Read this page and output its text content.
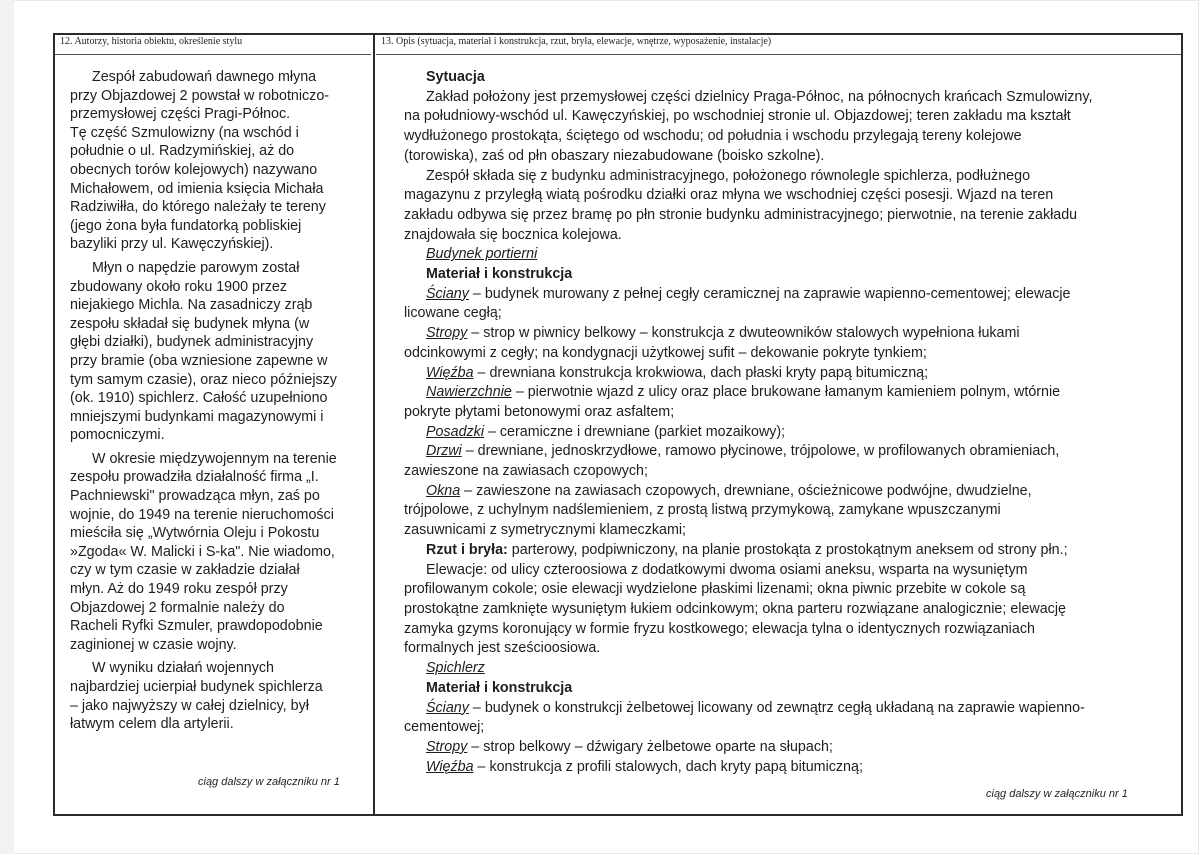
12. Autorzy, historia obiektu, określenie stylu	13. Opis (sytuacja, materiał i konstrukcja, rzut, bryła, elewacje, wnętrze, wyposażenie, instalacje)

Zespół zabudowań dawnego młyna
przy Objazdowej 2 powstał w robotniczo-
przemysłowej części Pragi-Północ.
Tę część Szmulowizny (na wschód i
południe o ul. Radzymińskiej, aż do
obecnych torów kolejowych) nazywano
Michałowem, od imienia księcia Michała
Radziwiłła, do którego należały te tereny
(jego żona była fundatorką pobliskiej
bazyliki przy ul. Kawęczyńskiej).

Młyn o napędzie parowym został
zbudowany około roku 1900 przez
niejakiego Michla. Na zasadniczy zrąb
zespołu składał się budynek młyna (w
głębi działki), budynek administracyjny
przy bramie (oba wzniesione zapewne w
tym samym czasie), oraz nieco późniejszy
(ok. 1910) spichlerz. Całość uzupełniono
mniejszymi budynkami magazynowymi i
pomocniczymi.

W okresie międzywojennym na terenie
zespołu prowadziła działalność firma „I.
Pachniewski" prowadząca młyn, zaś po
wojnie, do 1949 na terenie nieruchomości
mieściła się „Wytwórnia Oleju i Pokostu
»Zgoda« W. Malicki i S-ka". Nie wiadomo,
czy w tym czasie w zakładzie działał
młyn. Aż do 1949 roku zespół przy
Objazdowej 2 formalnie należy do
Racheli Ryfki Szmuler, prawdopodobnie
zaginionej w czasie wojny.

W wyniku działań wojennych
najbardziej ucierpiał budynek spichlerza
– jako najwyższy w całej dzielnicy, był
łatwym celem dla artylerii.

ciąg dalszy w załączniku nr 1
Sytuacja
Zakład położony jest przemysłowej części dzielnicy Praga-Północ, na północnych krańcach Szmulowizny,
na południowy-wschód ul. Kawęczyńskiej, po wschodniej stronie ul. Objazdowej; teren zakładu ma kształt
wydłużonego prostokąta, ściętego od wschodu; od południa i wschodu przylegają tereny kolejowe
(torowiska), zaś od płn obaszary niezabudowane (boisko szkolne).
Zespół składa się z budynku administracyjnego, położonego równolegle spichlerza, podłużnego
magazynu z przyległą wiatą pośrodku działki oraz młyna we wschodniej części posesji. Wjazd na teren
zakładu odbywa się przez bramę po płn stronie budynku administracyjnego; pierwotnie, na terenie zakładu
znajdowała się bocznica kolejowa.
Budynek portierni
Materiał i konstrukcja
Ściany – budynek murowany z pełnej cegły ceramicznej na zaprawie wapienno-cementowej; elewacje
licowane cegłą;
Stropy – strop w piwnicy belkowy – konstrukcja z dwuteowników stalowych wypełniona łukami
odcinkowymi z cegły; na kondygnacji użytkowej sufit – dekowanie pokryte tynkiem;
Więźba – drewniana konstrukcja krokwiowa, dach płaski kryty papą bitumiczną;
Nawierzchnie – pierwotnie wjazd z ulicy oraz place brukowane łamanym kamieniem polnym, wtórnie
pokryte płytami betonowymi oraz asfaltem;
Posadzki – ceramiczne i drewniane (parkiet mozaikowy);
Drzwi – drewniane, jednoskrzydłowe, ramowo płycinowe, trójpolowe, w profilowanych obramieniach,
zawieszone na zawiasach czopowych;
Okna – zawieszone na zawiasach czopowych, drewniane, ościeżnicowe podwójne, dwudzielne,
trójpolowe, z uchylnym nadślemieniem, z prostą listwą przymykową, zamykane wpuszczanymi
zasuwnicami z symetrycznymi klameczkami;
Rzut i bryła: parterowy, podpiwniczony, na planie prostokąta z prostokątnym aneksem od strony płn.;
Elewacje: od ulicy czteroosiowa z dodatkowymi dwoma osiami aneksu, wsparta na wysuniętym
profilowanym cokole; osie elewacji wydzielone płaskimi lizenami; okna piwnic przebite w cokole są
prostokątne zamknięte wysuniętym łukiem odcinkowym; okna parteru rozwiązane analogicznie; elewację
zamyka gzyms koronujący w formie fryzu kostkowego; elewacja tylna o identycznych rozwiązaniach
formalnych jest sześcioosiowa.
Spichlerz
Materiał i konstrukcja
Ściany – budynek o konstrukcji żelbetowej licowany od zewnątrz cegłą układaną na zaprawie wapienno-
cementowej;
Stropy – strop belkowy – dźwigary żelbetowe oparte na słupach;
Więźba – konstrukcja z profili stalowych, dach kryty papą bitumiczną;
ciąg dalszy w załączniku nr 1
